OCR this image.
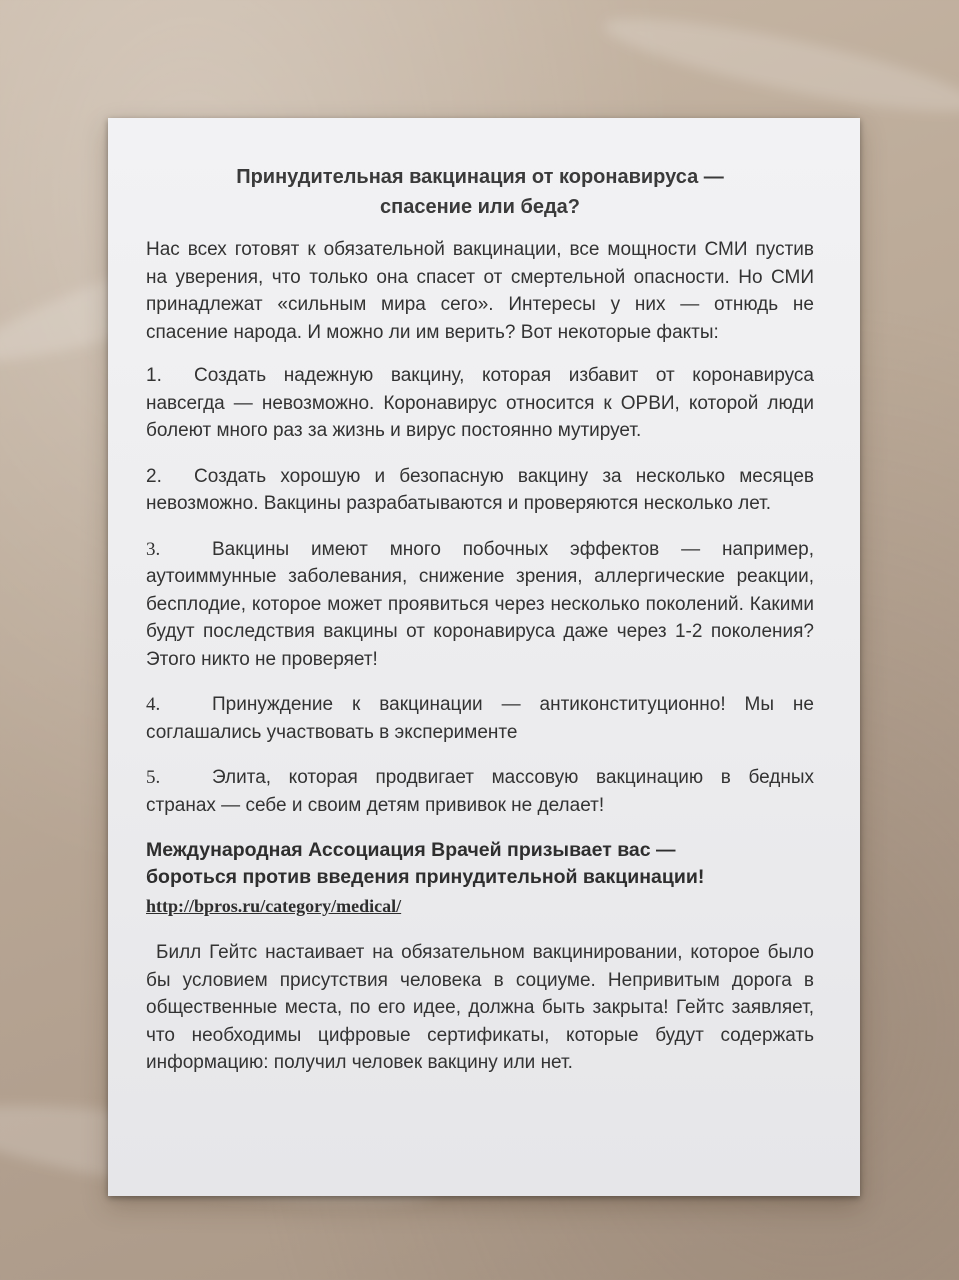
Принудительная вакцинация от коронавируса —
спасение или беда?

Нас всех готовят к обязательной вакцинации, все мощности СМИ пустив на уверения, что только она спасет от смертельной опасности. Но СМИ принадлежат «сильным мира сего». Интересы у них — отнюдь не спасение народа. И можно ли им верить? Вот некоторые факты:

1. Создать надежную вакцину, которая избавит от коронавируса навсегда — невозможно. Коронавирус относится к ОРВИ, которой люди болеют много раз за жизнь и вирус постоянно мутирует.

2. Создать хорошую и безопасную вакцину за несколько месяцев невозможно. Вакцины разрабатываются и проверяются несколько лет.

3.	Вакцины имеют много побочных эффектов — например, аутоиммунные заболевания, снижение зрения, аллергические реакции, бесплодие, которое может проявиться через несколько поколений. Какими будут последствия вакцины от коронавируса даже через 1-2 поколения? Этого никто не проверяет!

4.	Принуждение к вакцинации — антиконституционно! Мы не соглашались участвовать в эксперименте

5.	Элита, которая продвигает массовую вакцинацию в бедных странах — себе и своим детям прививок не делает!

Международная Ассоциация Врачей призывает вас —
бороться против введения принудительной вакцинации!
http://bpros.ru/category/medical/

Билл Гейтс настаивает на обязательном вакцинировании, которое было бы условием присутствия человека в социуме. Непривитым дорога в общественные места, по его идее, должна быть закрыта! Гейтс заявляет, что необходимы цифровые сертификаты, которые будут содержать информацию: получил человек вакцину или нет.
